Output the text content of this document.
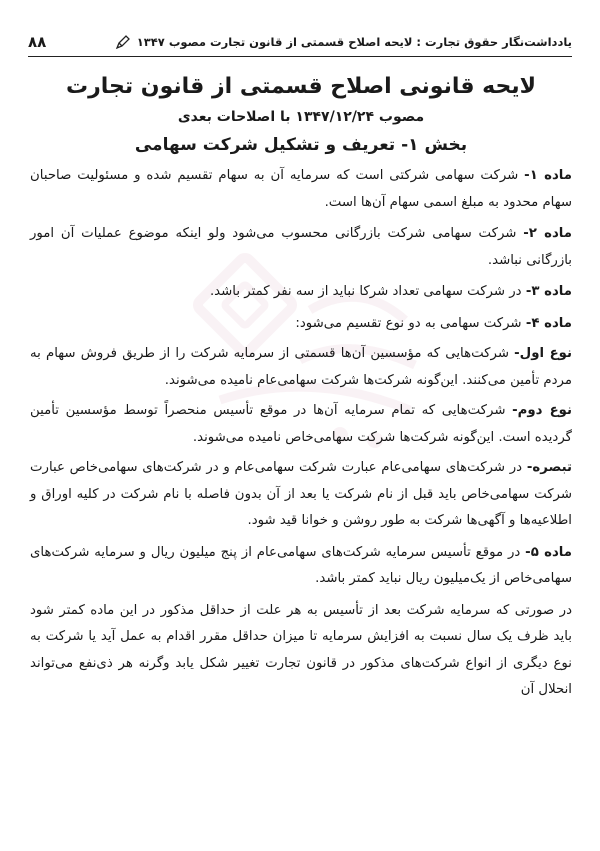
یادداشت‌نگار حقوق تجارت : لایحه اصلاح قسمتی از قانون تجارت مصوب ۱۳۴۷
۸۸
لایحه قانونی اصلاح قسمتی از قانون تجارت
مصوب ۱۳۴۷/۱۲/۲۴ با اصلاحات بعدی
بخش ۱- تعریف و تشکیل شرکت سهامی

ماده ۱- شرکت سهامی شرکتی است که سرمایه آن به سهام تقسیم شده و مسئولیت صاحبان سهام محدود به مبلغ اسمی سهام آن‌ها است.

ماده ۲- شرکت سهامی شرکت بازرگانی محسوب می‌شود ولو اینکه موضوع عملیات آن امور بازرگانی نباشد.

ماده ۳- در شرکت سهامی تعداد شرکا نباید از سه نفر کمتر باشد.

ماده ۴- شرکت سهامی به دو نوع تقسیم می‌شود:

نوع اول- شرکت‌هایی که مؤسسین آن‌ها قسمتی از سرمایه شرکت را از طریق فروش سهام به مردم تأمین می‌کنند. این‌گونه شرکت‌ها شرکت سهامی‌عام نامیده می‌شوند.

نوع دوم- شرکت‌هایی که تمام سرمایه آن‌ها در موقع تأسیس منحصراً توسط مؤسسین تأمین گردیده است. این‌گونه شرکت‌ها شرکت سهامی‌خاص نامیده می‌شوند.

تبصره- در شرکت‌های سهامی‌عام عبارت شرکت سهامی‌عام و در شرکت‌های سهامی‌خاص عبارت شرکت سهامی‌خاص باید قبل از نام شرکت یا بعد از آن بدون فاصله با نام شرکت در کلیه اوراق و اطلاعیه‌ها و آگهی‌ها شرکت به طور روشن و خوانا قید شود.

ماده ۵- در موقع تأسیس سرمایه شرکت‌های سهامی‌عام از پنج میلیون ریال و سرمایه شرکت‌های سهامی‌خاص از یک‌میلیون ریال نباید کمتر باشد.

در صورتی که سرمایه شرکت بعد از تأسیس به هر علت از حداقل مذکور در این ماده کمتر شود باید ظرف یک سال نسبت به افزایش سرمایه تا میزان حداقل مقرر اقدام به عمل آید یا شرکت به نوع دیگری از انواع شرکت‌های مذکور در قانون تجارت تغییر شکل یابد وگرنه هر ذی‌نفع می‌تواند انحلال آن
